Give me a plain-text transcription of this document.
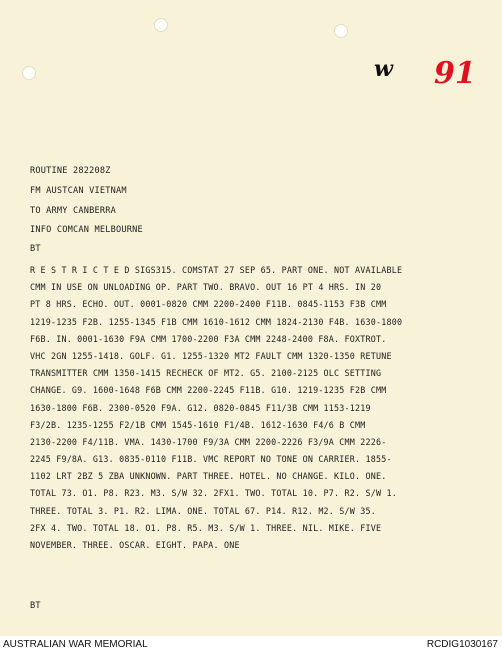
w 91
ROUTINE 282208Z
FM AUSTCAN VIETNAM
TO ARMY CANBERRA
INFO COMCAN MELBOURNE
BT
R E S T R I C T E D SIGS315. COMSTAT 27 SEP 65. PART ONE. NOT AVAILABLE
CMM IN USE ON UNLOADING OP. PART TWO. BRAVO. OUT 16 PT 4 HRS. IN 20
PT 8 HRS. ECHO. OUT. 0001-0820 CMM 2200-2400 F11B. 0845-1153 F3B CMM
1219-1235 F2B. 1255-1345 F1B CMM 1610-1612 CMM 1824-2130 F4B. 1630-1800
F6B. IN. 0001-1630 F9A CMM 1700-2200 F3A CMM 2248-2400 F8A. FOXTROT.
VHC 2GN 1255-1418. GOLF. G1. 1255-1320 MT2 FAULT CMM 1320-1350 RETUNE
TRANSMITTER CMM 1350-1415 RECHECK OF MT2. G5. 2100-2125 OLC SETTING
CHANGE. G9. 1600-1648 F6B CMM 2200-2245 F11B. G10. 1219-1235 F2B CMM
1630-1800 F6B. 2300-0520 F9A. G12. 0820-0845 F11/3B CMM 1153-1219
F3/2B. 1235-1255 F2/1B CMM 1545-1610 F1/4B. 1612-1630 F4/6 B CMM
2130-2200 F4/11B. VMA. 1430-1700 F9/3A CMM 2200-2226 F3/9A CMM 2226-
2245 F9/8A. G13. 0835-0110 F11B. VMC REPORT NO TONE ON CARRIER. 1855-
1102 LRT 2BZ 5 ZBA UNKNOWN. PART THREE. HOTEL. NO CHANGE. KILO. ONE.
TOTAL 73. O1. P8. R23. M3. S/W 32. 2FX1. TWO. TOTAL 10. P7. R2. S/W 1.
THREE. TOTAL 3. P1. R2. LIMA. ONE. TOTAL 67. P14. R12. M2. S/W 35.
2FX 4. TWO. TOTAL 18. O1. P8. R5. M3. S/W 1. THREE. NIL. MIKE. FIVE
NOVEMBER. THREE. OSCAR. EIGHT. PAPA. ONE
BT
AUSTRALIAN WAR MEMORIAL	RCDIG1030167
